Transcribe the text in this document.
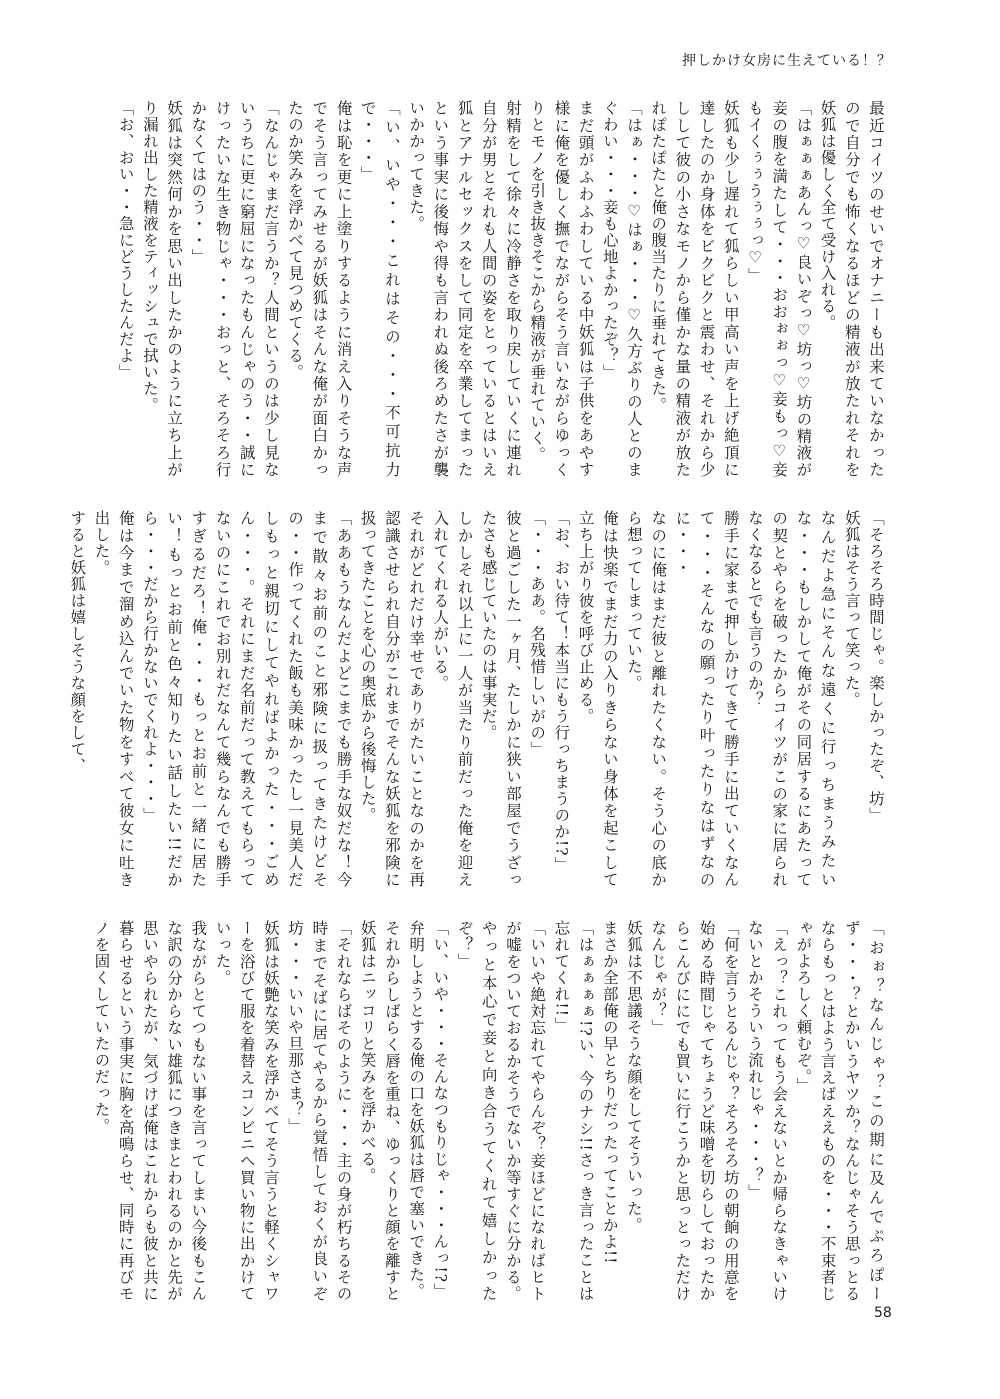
押しかけ女房に生えている！？

最近コイツのせいでオナニーも出来ていなかったので自分でも怖くなるほどの精液が放たれそれを妖狐は優しく全て受け入れる。

「はぁぁぁあんっ♡良いぞっ♡坊っ♡坊の精液が妾の腹を満たして・・・おおぉぉっ♡妾もっ♡妾もイくぅぅうぅぅっ♡」

妖狐も少し遅れて狐らしい甲高い声を上げ絶頂に達したのか身体をビクビクと震わせ、それから少しして彼の小さなモノから僅かな量の精液が放たれぽたぽたと俺の腹当たりに垂れてきた。

「はぁ・・・♡はぁ・・・♡久方ぶりの人とのまぐわい・・・妾も心地よかったぞ？」

まだ頭がふわふわしている中妖狐は子供をあやす様に俺を優しく撫でながらそう言いながらゆっくりとモノを引き抜きそこから精液が垂れていく。

射精をして徐々に冷静さを取り戻していくに連れ自分が男とそれも人間の姿をとっているとはいえ狐とアナルセックスをして同定を卒業してまったという事実に後悔や得も言われぬ後ろめたさが襲いかかってきた。

「い、いや・・・これはその・・・不可抗力で・・・」

俺は恥を更に上塗りするように消え入りそうな声でそう言ってみせるが妖狐はそんな俺が面白かったのか笑みを浮かべて見つめてくる。

「なんじゃまだ言うか？人間というのは少し見ないうちに更に窮屈になったもんじゃのう・・誠にけったいな生き物じゃ・・・おっと、そろそろ行かなくてはのう・・」

妖狐は突然何かを思い出したかのように立ち上がり漏れ出した精液をティッシュで拭いた。

「お、おい・・急にどうしたんだよ」

「そろそろ時間じゃ。楽しかったぞ、坊」

妖狐はそう言って笑った。

なんだよ急にそんな遠くに行っちまうみたいな・・・もしかして俺がその同居するにあたっての契とやらを破ったからコイツがこの家に居られなくなるとでも言うのか？

勝手に家まで押しかけてきて勝手に出ていくなんて・・・そんなの願ったり叶ったりなはずなのに・・・

なのに俺はまだ彼と離れたくない。そう心の底から想ってしまっていた。

俺は快楽でまだ力の入りきらない身体を起こして立ち上がり彼を呼び止める。

「お、おい待て！本当にもう行っちまうのか!?」

「・・・ああ。名残惜しいがの」

彼と過ごした一ヶ月、たしかに狭い部屋でうざったさも感じていたのは事実だ。

しかしそれ以上に一人が当たり前だった俺を迎え入れてくれる人がいる。

それがどれだけ幸せでありがたいことなのかを再認識させられ自分がこれまでそんな妖狐を邪険に扱ってきたことを心の奥底から後悔した。

「ああもうなんだよどこまでも勝手な奴だな！今まで散々お前のこと邪険に扱ってきたけどその・・作ってくれた飯も美味かったし一見美人だしもっと親切にしてやればよかった・・・ごめん・・・。それにまだ名前だって教えてもらってないのにこれでお別れだなんて幾らなんでも勝手すぎるだろ！俺・・・もっとお前と一緒に居たい！もっとお前と色々知りたい話したい!!だから・・・だから行かないでくれよ・・・」

俺は今まで溜め込んでいた物をすべて彼女に吐き出した。

すると妖狐は嬉しそうな顔をして、

「おぉ？なんじゃ？この期に及んでぷろぽーず・・・？とかいうヤツか？なんじゃそう思っとるならもっとはよう言えばええものを・・・不束者じゃがよろしく頼むぞ。」

「えっ？これってもう会えないとか帰らなきゃいけないとかそういう流れじゃ・・・？」

「何を言うとるんじゃ？そろそろ坊の朝餉の用意を始める時間じゃてちょうど味噌を切らしておったからこんびににでも買いに行こうかと思っとっただけなんじゃが？」

妖狐は不思議そうな顔をしてそういった。

まさか全部俺の早とちりだったってことかよ!!

「はぁぁぁぁ!?い、今のナシ!!さっき言ったことは忘れてくれ!!」

「いいや絶対忘れてやらんぞ？妾ほどになればヒトが嘘をついておるかそうでないか等すぐに分かる。やっと本心で妾と向き合うてくれて嬉しかったぞ？」

「い、いや・・・そんなつもりじゃ・・・んっ!?」

弁明しようとする俺の口を妖狐は唇で塞いできた。

それからしばらく唇を重ね、ゆっくりと顔を離すと妖狐はニッコリと笑みを浮かべる。

「それならばそのように・・・主の身が朽ちるその時までそばに居てやるから覚悟しておくが良いぞ坊・・・いいや旦那さま？」

妖狐は妖艶な笑みを浮かべてそう言うと軽くシャワーを浴びて服を着替えコンビニへ買い物に出かけていった。

我ながらとてつもない事を言ってしまい今後もこんな訳の分からない雄狐につきまとわれるのかと先が思いやられたが、気づけば俺はこれからも彼と共に暮らせるという事実に胸を高鳴らせ、同時に再びモノを固くしていたのだった。

58
